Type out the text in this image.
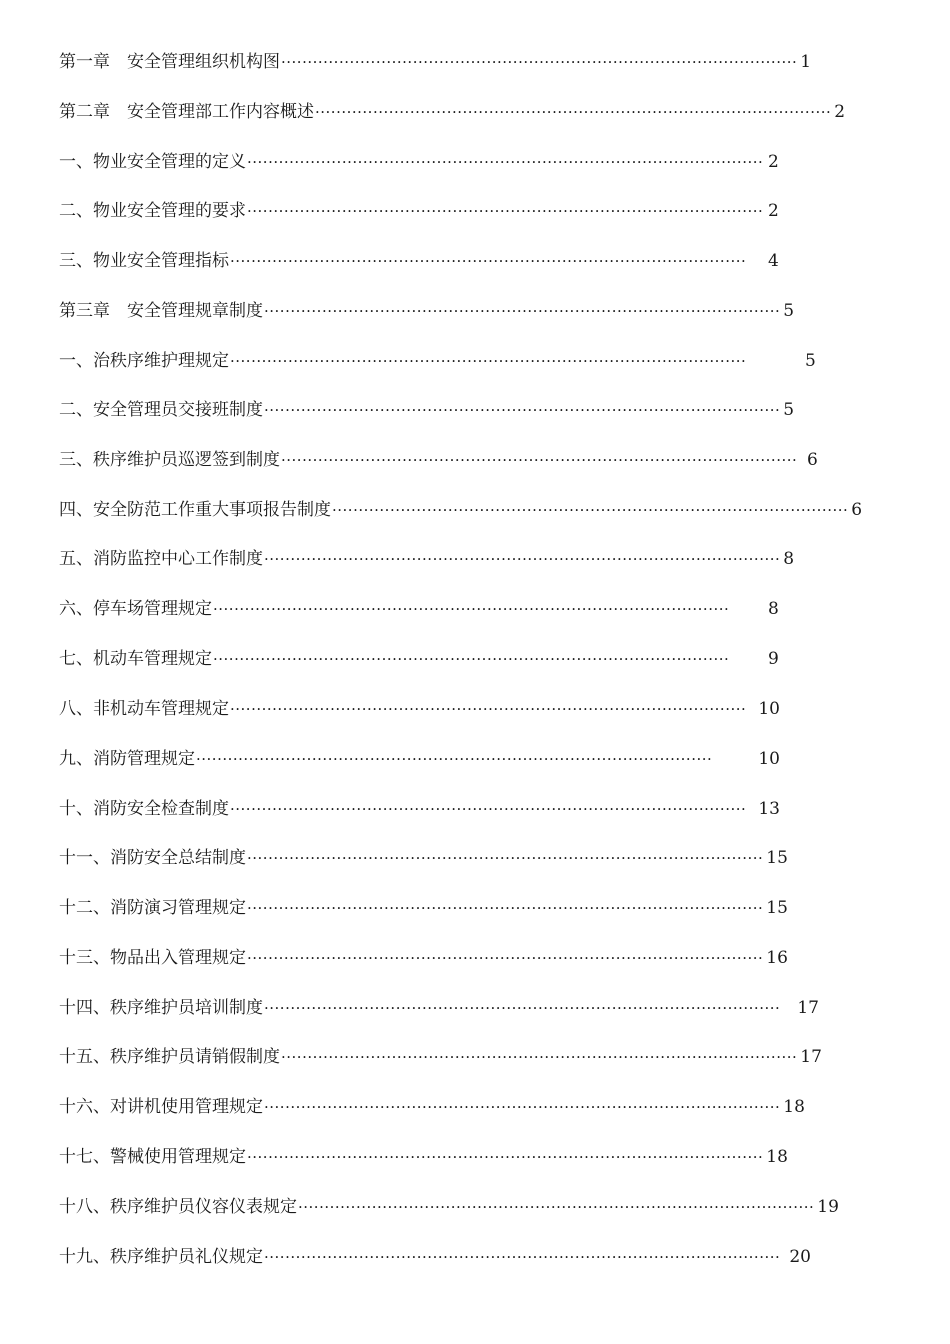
第一章　安全管理组织机构图 ·································································································· 1
第二章　安全管理部工作内容概述 ·································································································· 2
一、物业安全管理的定义 ·································································································· 2
二、物业安全管理的要求 ·································································································· 2
三、物业安全管理指标 ··································································································	4
第三章　安全管理规章制度 ·································································································· 5
一、治秩序维护理规定 ··································································································	5
二、安全管理员交接班制度 ·································································································· 5
三、秩序维护员巡逻签到制度 ·································································································· 6
四、安全防范工作重大事项报告制度 ·································································································· 6
五、消防监控中心工作制度 ·································································································· 8
六、停车场管理规定 ··································································································	8
七、机动车管理规定 ··································································································	9
八、非机动车管理规定 ·································································································· 10
九、消防管理规定 ··································································································	10
十、消防安全检查制度 ·································································································· 13
十一、消防安全总结制度 ·································································································· 15
十二、消防演习管理规定 ·································································································· 15
十三、物品出入管理规定 ·································································································· 16
十四、秩序维护员培训制度 ··································································································	17
十五、秩序维护员请销假制度 ·································································································· 17
十六、对讲机使用管理规定 ·································································································· 18
十七、警械使用管理规定 ·································································································· 18
十八、秩序维护员仪容仪表规定 ·································································································· 19
十九、秩序维护员礼仪规定 ·································································································· 20
